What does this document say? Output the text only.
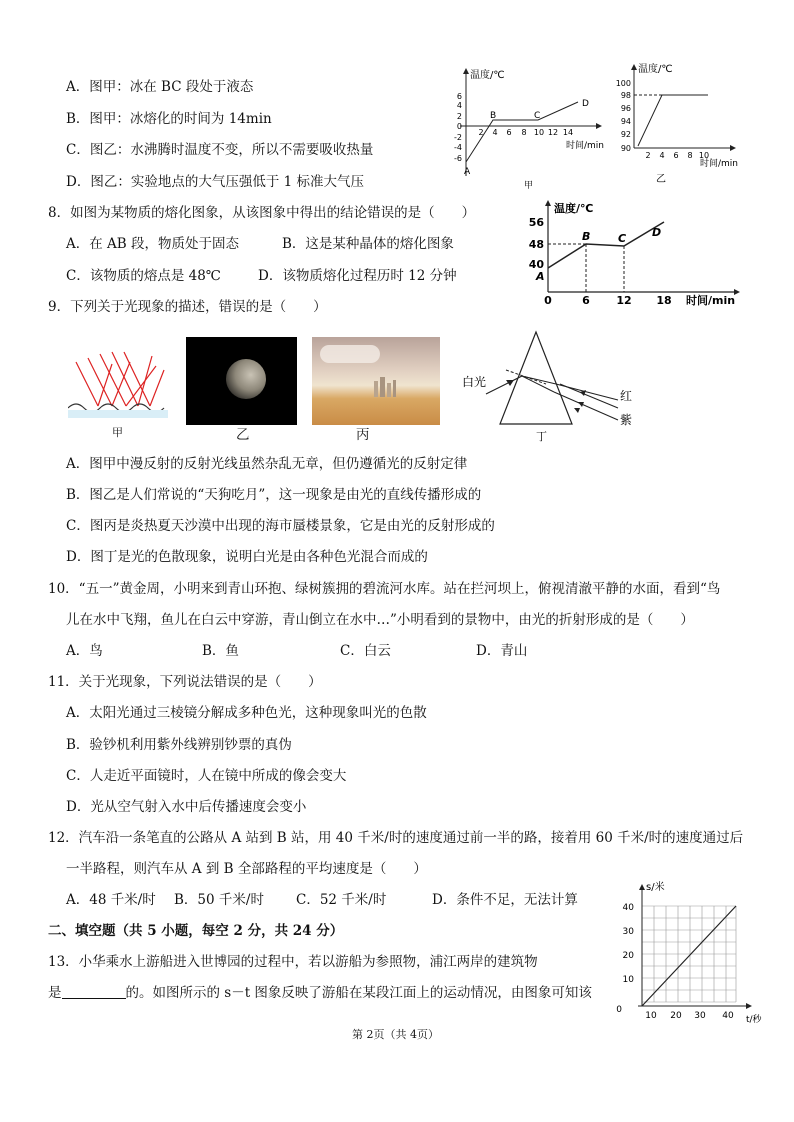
A．图甲：冰在 BC 段处于液态
B．图甲：冰熔化的时间为 14min
C．图乙：水沸腾时温度不变，所以不需要吸收热量
D．图乙：实验地点的大气压强低于 1 标准大气压
温度/℃
时间/min
6
4
2
0
-2
-4
-6
2 4 6 8 10 12 14
A
B	C
D
甲
温度/℃
时间/min
100
98
96
94
92
90
2 4 6 8 10
乙
8．如图为某物质的熔化图象，从该图象中得出的结论错误的是（　　）
A．在 AB 段，物质处于固态	B．这是某种晶体的熔化图象
C．该物质的熔点是 48℃	D．该物质熔化过程历时 12 分钟
温度/℃
时间/min
56
48
40
0	6 12 18
A
B	C D
9．下列关于光现象的描述，错误的是（　　）
甲	乙	丙
白光
红
紫
丁
A．图甲中漫反射的反射光线虽然杂乱无章，但仍遵循光的反射定律
B．图乙是人们常说的“天狗吃月”，这一现象是由光的直线传播形成的
C．图丙是炎热夏天沙漠中出现的海市蜃楼景象，它是由光的反射形成的
D．图丁是光的色散现象，说明白光是由各种色光混合而成的
10．“五一”黄金周，小明来到青山环抱、绿树簇拥的碧流河水库。站在拦河坝上，俯视清澈平静的水面，看到“鸟
儿在水中飞翔，鱼儿在白云中穿游，青山倒立在水中…”小明看到的景物中，由光的折射形成的是（　　）
A．鸟	B．鱼	C．白云	D．青山
11．关于光现象，下列说法错误的是（　　）
A．太阳光通过三棱镜分解成多种色光，这种现象叫光的色散
B．验钞机利用紫外线辨别钞票的真伪
C．人走近平面镜时，人在镜中所成的像会变大
D．光从空气射入水中后传播速度会变小
12．汽车沿一条笔直的公路从 A 站到 B 站，用 40 千米/时的速度通过前一半的路，接着用 60 千米/时的速度通过后
一半路程，则汽车从 A 到 B 全部路程的平均速度是（　　）
A．48 千米/时 B．50 千米/时 C．52 千米/时	D．条件不足，无法计算
二、填空题（共 5 小题，每空 2 分，共 24 分）
13．小华乘水上游船进入世博园的过程中，若以游船为参照物，浦江两岸的建筑物
是	的。如图所示的 s－t 图象反映了游船在某段江面上的运动情况，由图象可知该
s/米
t/秒
40
30
20
10
0
10 20 30 40
第 2页（共 4页）
